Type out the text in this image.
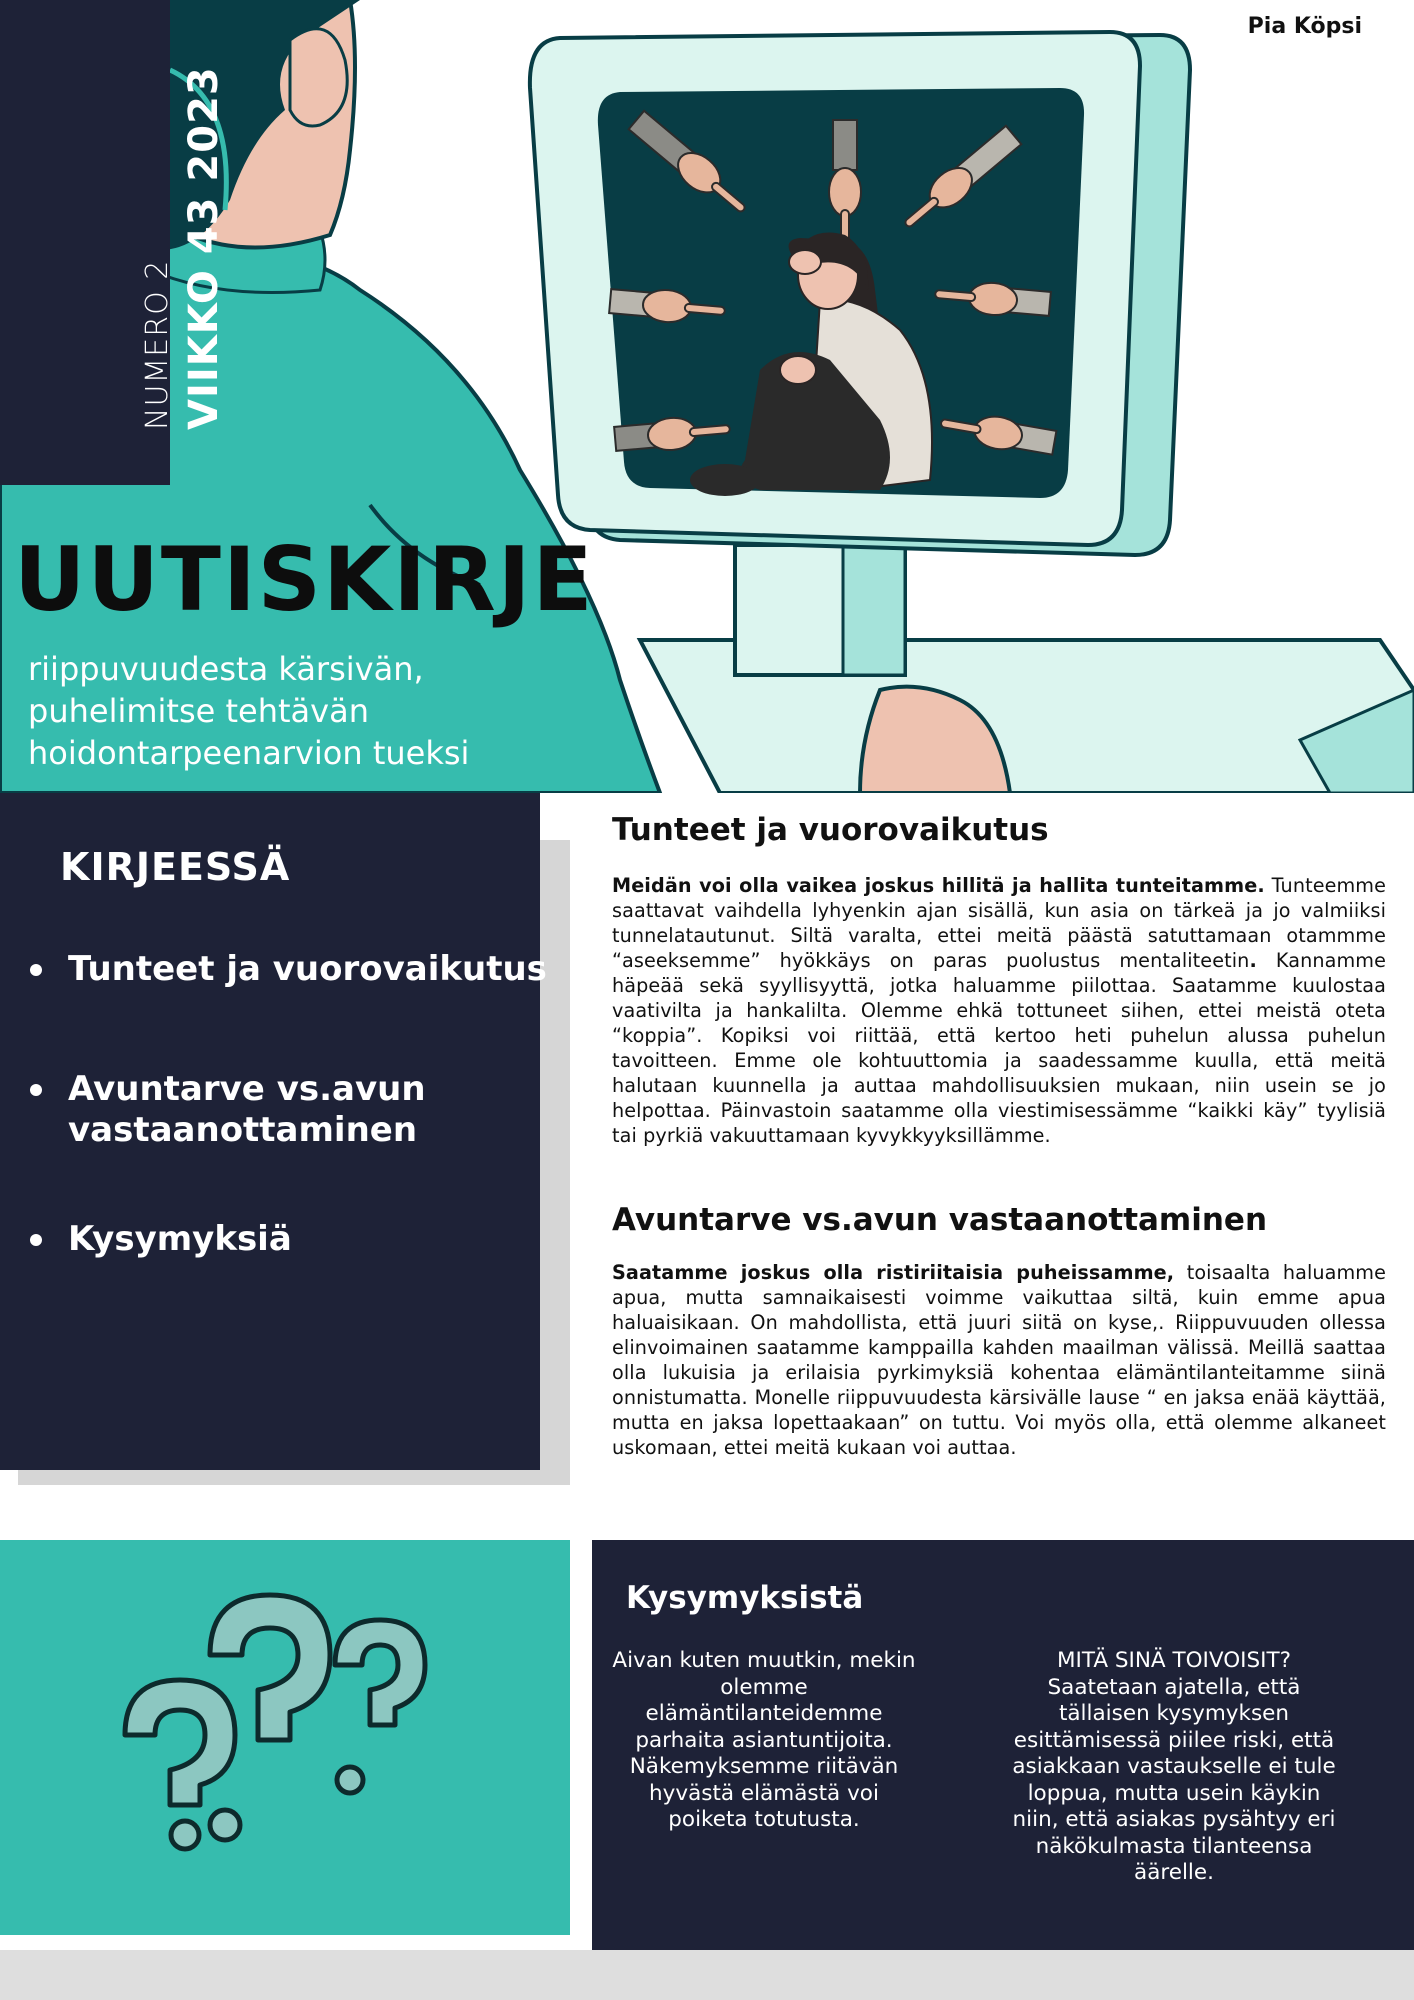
NUMERO 2 VIIKKO 43 2023
Pia Köpsi
UUTISKIRJE
riippuvuudesta kärsivän, puhelimitse tehtävän hoidontarpeenarvion tueksi
KIRJEESSÄ
Tunteet ja vuorovaikutus
Avuntarve vs.avun vastaanottaminen
Kysymyksiä
Tunteet ja vuorovaikutus
Meidän voi olla vaikea joskus hillitä ja hallita tunteitamme. Tunteemme saattavat vaihdella lyhyenkin ajan sisällä, kun asia on tärkeä ja jo valmiiksi tunnelatautunut. Siltä varalta, ettei meitä päästä satuttamaan otammme “aseeksemme” hyökkäys on paras puolustus mentaliteetin. Kannamme häpeää sekä syyllisyyttä, jotka haluamme piilottaa. Saatamme kuulostaa vaativilta ja hankalilta. Olemme ehkä tottuneet siihen, ettei meistä oteta “koppia”. Kopiksi voi riittää, että kertoo heti puhelun alussa puhelun tavoitteen. Emme ole kohtuuttomia ja saadessamme kuulla, että meitä halutaan kuunnella ja auttaa mahdollisuuksien mukaan, niin usein se jo helpottaa. Päinvastoin saatamme olla viestimisessämme “kaikki käy” tyylisiä tai pyrkiä vakuuttamaan kyvykkyyksillämme.
Avuntarve vs.avun vastaanottaminen
Saatamme joskus olla ristiriitaisia puheissamme, toisaalta haluamme apua, mutta samnaikaisesti voimme vaikuttaa siltä, kuin emme apua haluaisikaan. On mahdollista, että juuri siitä on kyse,. Riippuvuuden ollessa elinvoimainen saatamme kamppailla kahden maailman välissä. Meillä saattaa olla lukuisia ja erilaisia pyrkimyksiä kohentaa elämäntilanteitamme siinä onnistumatta. Monelle riippuvuudesta kärsivälle lause “ en jaksa enää käyttää, mutta en jaksa lopettaakaan” on tuttu. Voi myös olla, että olemme alkaneet uskomaan, ettei meitä kukaan voi auttaa.
Kysymyksistä
Aivan kuten muutkin, mekin olemme elämäntilanteidemme parhaita asiantuntijoita. Näkemyksemme riitävän hyvästä elämästä voi poiketa totutusta.
MITÄ SINÄ TOIVOISIT? Saatetaan ajatella, että tällaisen kysymyksen esittämisessä piilee riski, että asiakkaan vastaukselle ei tule loppua, mutta usein käykin niin, että asiakas pysähtyy eri näkökulmasta tilanteensa äärelle.
